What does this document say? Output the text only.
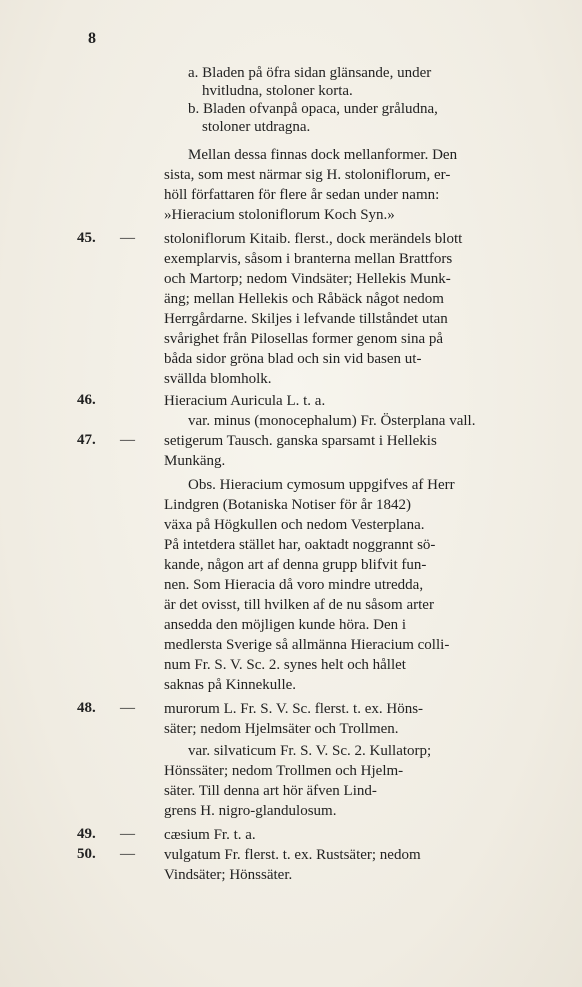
8
a. Bladen på öfra sidan glänsande, under
hvitludna, stoloner korta.
b. Bladen ofvanpå opaca, under gråludna,
stoloner utdragna.
Mellan dessa finnas dock mellanformer. Den
sista, som mest närmar sig H. stoloniflorum, er-
höll författaren för flere år sedan under namn:
»Hieracium stoloniflorum Koch Syn.»
stoloniflorum Kitaib. flerst., dock merändels blott
exemplarvis, såsom i branterna mellan Brattfors
och Martorp; nedom Vindsäter; Hellekis Munk-
äng; mellan Hellekis och Råbäck något nedom
Herrgårdarne. Skiljes i lefvande tillståndet utan
svårighet från Pilosellas former genom sina på
båda sidor gröna blad och sin vid basen ut-
svällda blomholk.
Hieracium Auricula L. t. a.
var. minus (monocephalum) Fr. Österplana vall.
setigerum Tausch. ganska sparsamt i Hellekis
Munkäng.
Obs. Hieracium cymosum uppgifves af Herr
Lindgren (Botaniska Notiser för år 1842)
växa på Högkullen och nedom Vesterplana.
På intetdera stället har, oaktadt noggrannt sö-
kande, någon art af denna grupp blifvit fun-
nen. Som Hieracia då voro mindre utredda,
är det ovisst, till hvilken af de nu såsom arter
ansedda den möjligen kunde höra. Den i
medlersta Sverige så allmänna Hieracium colli-
num Fr. S. V. Sc. 2. synes helt och hållet
saknas på Kinnekulle.
murorum L. Fr. S. V. Sc. flerst. t. ex. Höns-
säter; nedom Hjelmsäter och Trollmen.
var. silvaticum Fr. S. V. Sc. 2. Kullatorp;
Hönssäter; nedom Trollmen och Hjelm-
säter. Till denna art hör äfven Lind-
grens H. nigro-glandulosum.
cæsium Fr. t. a.
vulgatum Fr. flerst. t. ex. Rustsäter; nedom
Vindsäter; Hönssäter.
45. —
46.
47. —
48. —
49. —
50. —
